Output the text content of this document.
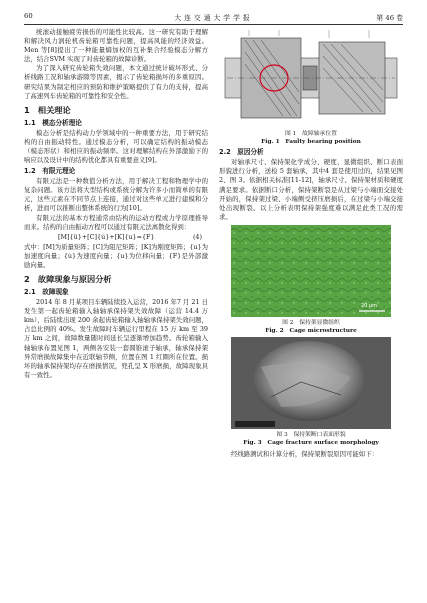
60	大连交通大学学报	第 46 卷

统滚动接触疲劳损伤的可能性比较高。这一研究有助于理解和解决风力涡轮机齿轮箱可靠性问题，提高风能的经济效益。Men 等[8]提出了一种能量熵加权的互补集合经验模态分解方法，结合SVM 实现了对齿轮箱的故障诊断。

为了深入研究齿轮箱失效问题，本文通过统计破坏形式、分析线路工况和轴承游隙等因素，揭示了齿轮箱损坏的多重原因。研究结果为制定相应的预防和维护策略提供了有力的支持，提高了高速列车齿轮箱的可靠性和安全性。

1　相关理论
1.1　模态分析理论

模态分析是结构动力学领域中的一种重要方法，用于研究结构的自由振动特性。通过模态分析，可以确定结构的振动模态（模态形状）和相应的振动频率。这对理解结构在外部激励下的响应以及设计中的结构优化都具有重要意义[9]。

1.2　有限元理论

有限元法是一种数值分析方法，用于解决工程和物理学中的复杂问题。该方法将大型结构或系统分解为许多小而简单的有限元，这些元素在不同节点上连接，通过对这些单元进行建模和分析，进而可以推断出整体系统的行为[10]。

有限元法的基本方程通常由结构的运动方程或力学原理推导而来。结构的自由振动方程可以通过有限元法离散化得到：

[M]{ü}+[C]{u̇}+[K]{u}={F}	(4)

式中：[M]为质量矩阵；[C]为阻尼矩阵；[K]为刚度矩阵；{u}为加速度向量；{u̇}为速度向量；{u}为位移向量；{F}是外部激励向量。

2　故障现象与原因分析
2.1　故障现象

2014 年 8 月某项目车辆陆续投入运营，2016 年7 月 21 日发生第一起齿轮箱输入轴轴承保持架失效故障（运营 14.4 万 km），后陆续出现 200 余起齿轮箱输入轴轴承保持架失效问题，占总比例的 40%。发生故障时车辆运行里程在 15 万 km 至 39 万 km 之间，故障数量随时间延长呈逐渐增加趋势。齿轮箱输入轴轴承布置见图 1，两侧各安装一套圆锥滚子轴承，轴承保持架异常磨损故障集中在近联轴节侧，位置在图 1 红圈所在位置。损坏的轴承保持架均存在磨损情况，兜孔呈 X 形磨损，故障现象具有一致性。

图 1　故障轴承位置
Fig. 1　Faulty bearing position
2.2　原因分析

对轴承尺寸、保持架化学成分、硬度、显微组织、断口表面形貌进行分析，送检 5 套轴承，其中4 套是使用过的，结果见图 2、图 3。依据相关标准[11-12]，轴承尺寸、保持架材质和硬度满足要求。依据断口分析，保持架断裂是从过梁与小端面交接处开始的，保持架过梁、小端侧受挤压磨损后，在过梁与小端交接处出现断裂。以上分析表明保持架强度难以满足此类工况的需求。

20 μm
图 2　保持架显微组织
Fig. 2　Cage microstructure
图 3　保持架断口表面形貌
Fig. 3　Cage fracture surface morphology

经线路测试和计算分析，保持架断裂原因可能如下：
